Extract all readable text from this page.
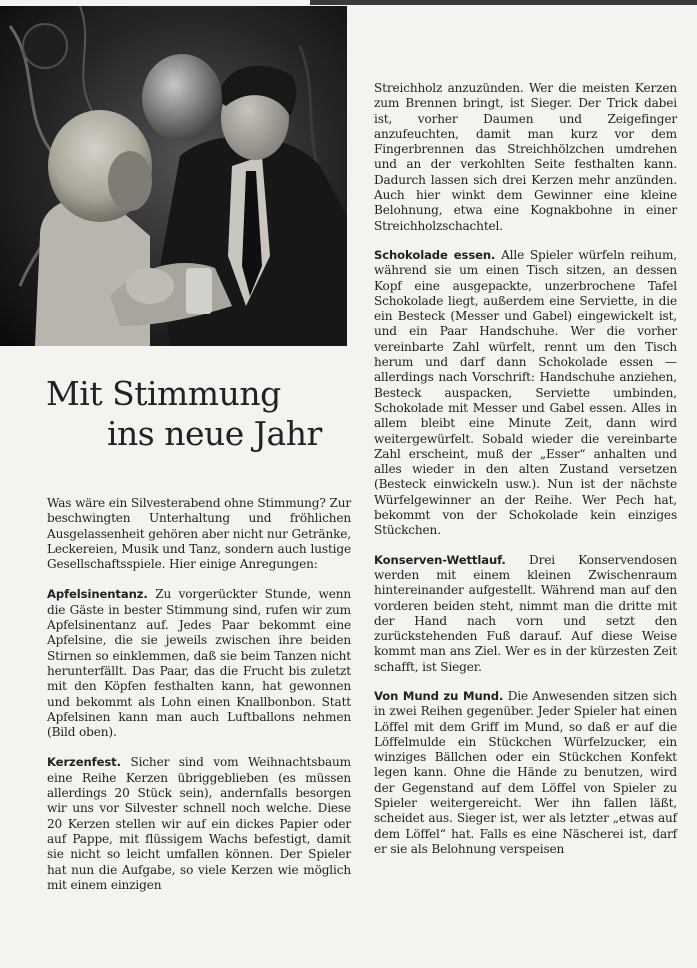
Mit Stimmung
ins neue Jahr

Was wäre ein Silvesterabend ohne Stimmung? Zur beschwingten Unterhaltung und fröhlichen Ausgelassenheit gehören aber nicht nur Getränke, Leckereien, Musik und Tanz, sondern auch lustige Gesellschaftsspiele. Hier einige Anregungen:

Apfelsinentanz. Zu vorgerückter Stunde, wenn die Gäste in bester Stimmung sind, rufen wir zum Apfelsinentanz auf. Jedes Paar bekommt eine Apfelsine, die sie jeweils zwischen ihre beiden Stirnen so einklemmen, daß sie beim Tanzen nicht herunterfällt. Das Paar, das die Frucht bis zuletzt mit den Köpfen festhalten kann, hat gewonnen und bekommt als Lohn einen Knallbonbon. Statt Apfelsinen kann man auch Luftballons nehmen (Bild oben).

Kerzenfest. Sicher sind vom Weihnachtsbaum eine Reihe Kerzen übriggeblieben (es müssen allerdings 20 Stück sein), andernfalls besorgen wir uns vor Silvester schnell noch welche. Diese 20 Kerzen stellen wir auf ein dickes Papier oder auf Pappe, mit flüssigem Wachs befestigt, damit sie nicht so leicht umfallen können. Der Spieler hat nun die Aufgabe, so viele Kerzen wie möglich mit einem einzigen

Streichholz anzuzünden. Wer die meisten Kerzen zum Brennen bringt, ist Sieger. Der Trick dabei ist, vorher Daumen und Zeigefinger anzufeuchten, damit man kurz vor dem Fingerbrennen das Streichhölzchen umdrehen und an der verkohlten Seite festhalten kann. Dadurch lassen sich drei Kerzen mehr anzünden. Auch hier winkt dem Gewinner eine kleine Belohnung, etwa eine Kognakbohne in einer Streichholzschachtel.

Schokolade essen. Alle Spieler würfeln reihum, während sie um einen Tisch sitzen, an dessen Kopf eine ausgepackte, unzerbrochene Tafel Schokolade liegt, außerdem eine Serviette, in die ein Besteck (Messer und Gabel) eingewickelt ist, und ein Paar Handschuhe. Wer die vorher vereinbarte Zahl würfelt, rennt um den Tisch herum und darf dann Schokolade essen — allerdings nach Vorschrift: Handschuhe anziehen, Besteck auspacken, Serviette umbinden, Schokolade mit Messer und Gabel essen. Alles in allem bleibt eine Minute Zeit, dann wird weitergewürfelt. Sobald wieder die vereinbarte Zahl erscheint, muß der „Esser“ anhalten und alles wieder in den alten Zustand versetzen (Besteck einwickeln usw.). Nun ist der nächste Würfelgewinner an der Reihe. Wer Pech hat, bekommt von der Schokolade kein einziges Stückchen.

Konserven-Wettlauf. Drei Konservendosen werden mit einem kleinen Zwischenraum hintereinander aufgestellt. Während man auf den vorderen beiden steht, nimmt man die dritte mit der Hand nach vorn und setzt den zurückstehenden Fuß darauf. Auf diese Weise kommt man ans Ziel. Wer es in der kürzesten Zeit schafft, ist Sieger.

Von Mund zu Mund. Die Anwesenden sitzen sich in zwei Reihen gegenüber. Jeder Spieler hat einen Löffel mit dem Griff im Mund, so daß er auf die Löffelmulde ein Stückchen Würfelzucker, ein winziges Bällchen oder ein Stückchen Konfekt legen kann. Ohne die Hände zu benutzen, wird der Gegenstand auf dem Löffel von Spieler zu Spieler weitergereicht. Wer ihn fallen läßt, scheidet aus. Sieger ist, wer als letzter „etwas auf dem Löffel“ hat. Falls es eine Näscherei ist, darf er sie als Belohnung verspeisen
